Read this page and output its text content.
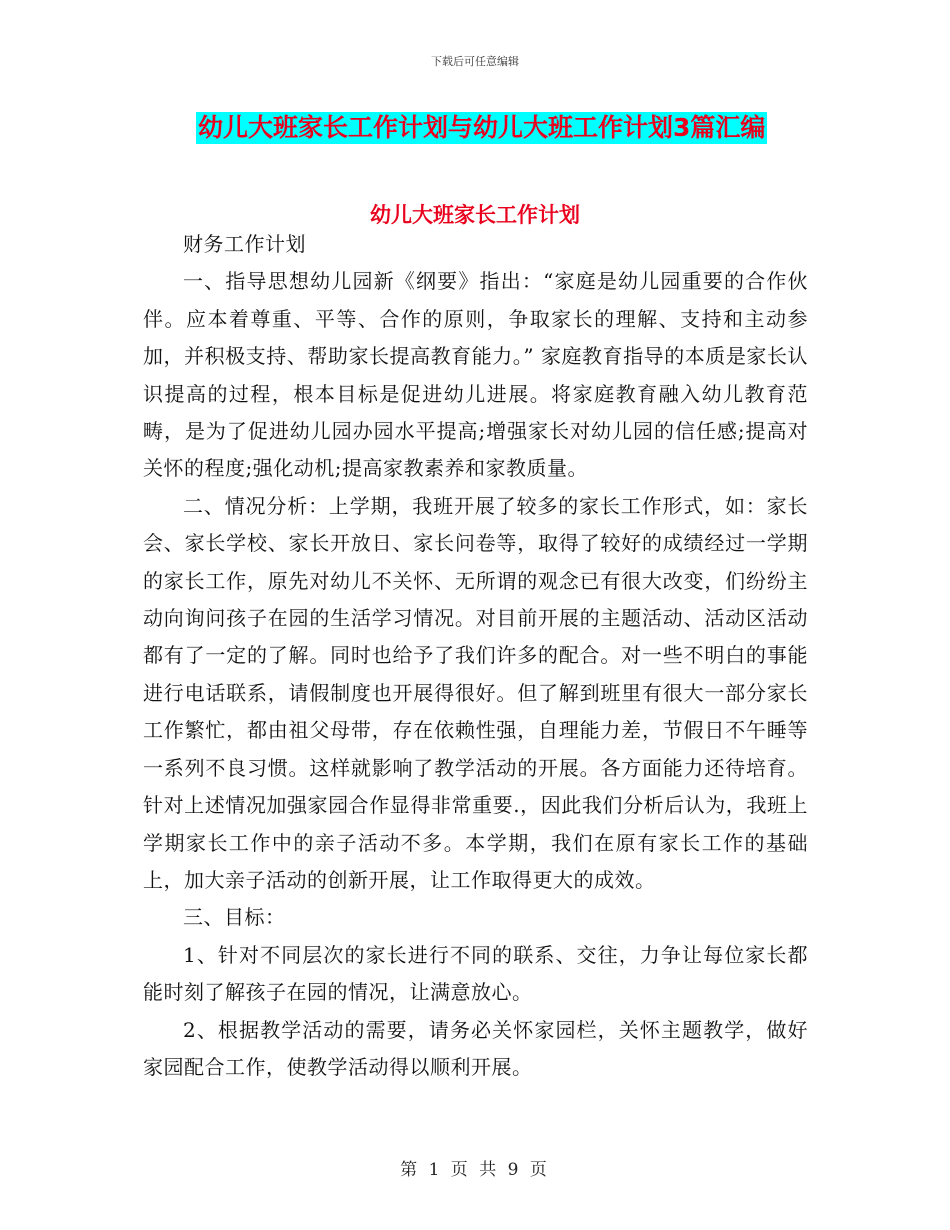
下载后可任意编辑
幼儿大班家长工作计划与幼儿大班工作计划3篇汇编
幼儿大班家长工作计划

财务工作计划

一、指导思想幼儿园新《纲要》指出：“家庭是幼儿园重要的合作伙伴。应本着尊重、平等、合作的原则，争取家长的理解、支持和主动参加，并积极支持、帮助家长提高教育能力。” 家庭教育指导的本质是家长认识提高的过程，根本目标是促进幼儿进展。将家庭教育融入幼儿教育范畴，是为了促进幼儿园办园水平提高;增强家长对幼儿园的信任感;提高对关怀的程度;强化动机;提高家教素养和家教质量。

二、情况分析：上学期，我班开展了较多的家长工作形式，如：家长会、家长学校、家长开放日、家长问卷等，取得了较好的成绩经过一学期的家长工作，原先对幼儿不关怀、无所谓的观念已有很大改变，们纷纷主动向询问孩子在园的生活学习情况。对目前开展的主题活动、活动区活动都有了一定的了解。同时也给予了我们许多的配合。对一些不明白的事能进行电话联系，请假制度也开展得很好。但了解到班里有很大一部分家长工作繁忙，都由祖父母带，存在依赖性强，自理能力差，节假日不午睡等一系列不良习惯。这样就影响了教学活动的开展。各方面能力还待培育。针对上述情况加强家园合作显得非常重要.，因此我们分析后认为，我班上学期家长工作中的亲子活动不多。本学期，我们在原有家长工作的基础上，加大亲子活动的创新开展，让工作取得更大的成效。

三、目标：

1、针对不同层次的家长进行不同的联系、交往，力争让每位家长都能时刻了解孩子在园的情况，让满意放心。

2、根据教学活动的需要，请务必关怀家园栏，关怀主题教学，做好家园配合工作，使教学活动得以顺利开展。

第 1 页 共 9 页
